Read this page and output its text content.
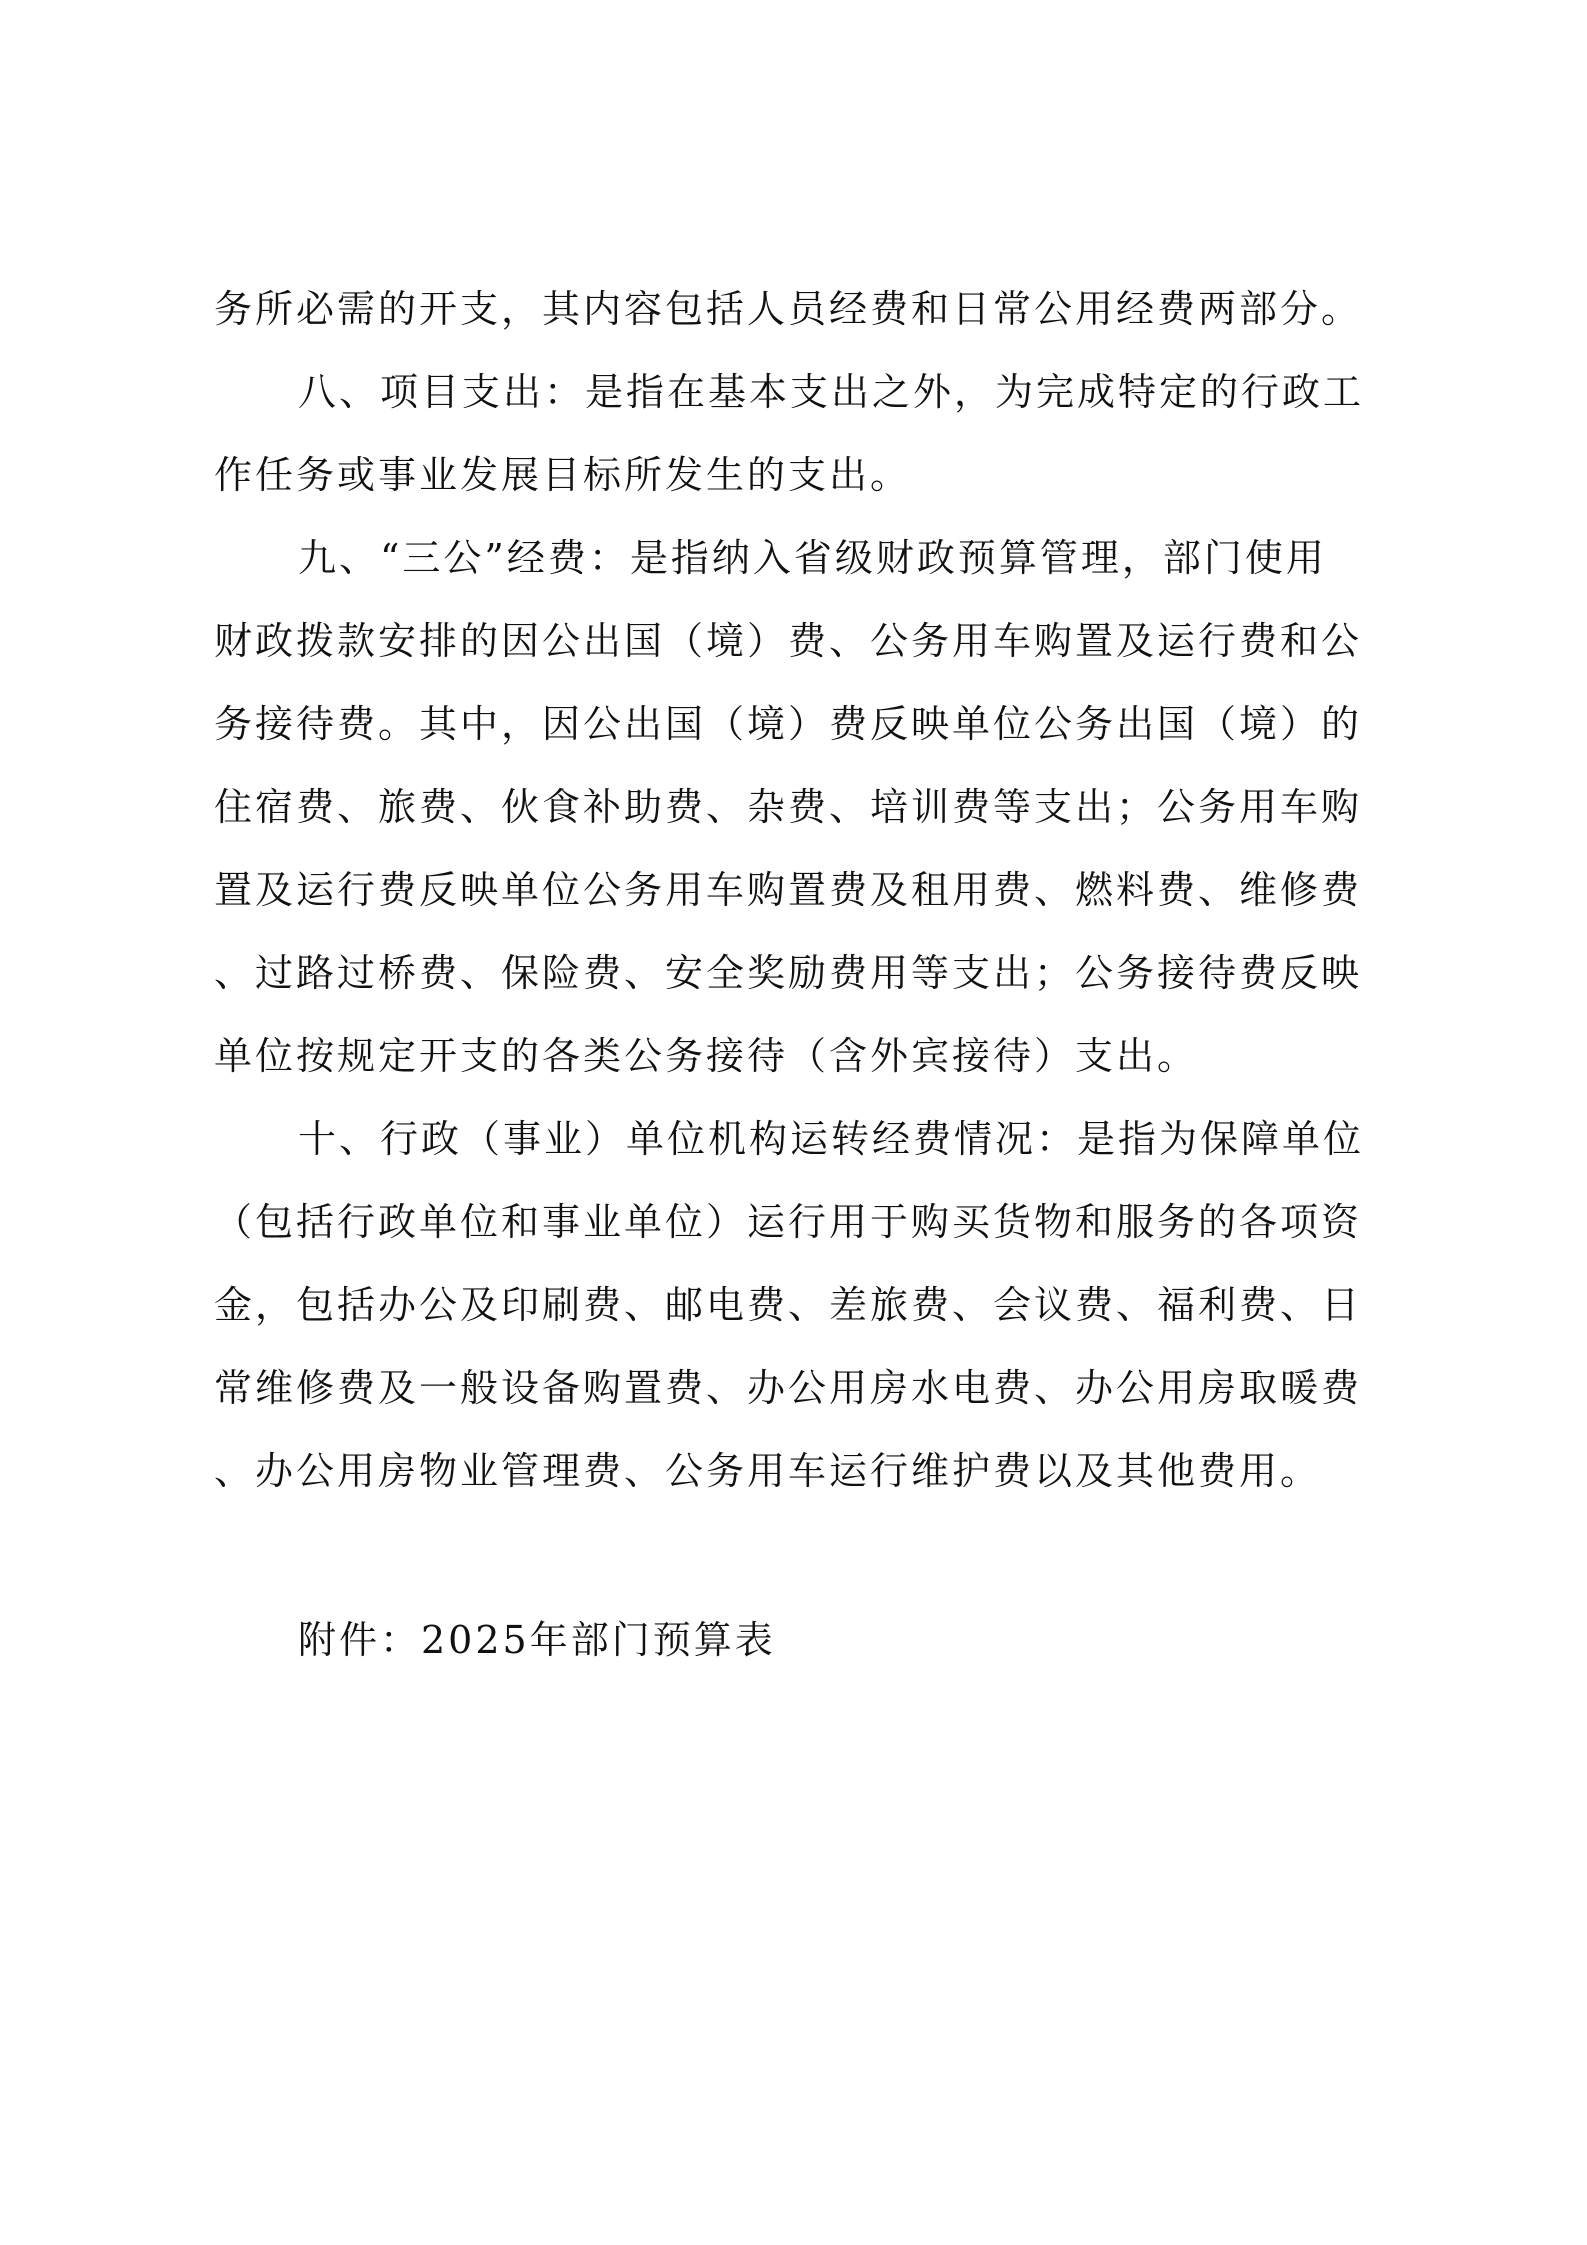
务所必需的开支，其内容包括人员经费和日常公用经费两部分。
八、项目支出：是指在基本支出之外，为完成特定的行政工
作任务或事业发展目标所发生的支出。
九、“三公”经费：是指纳入省级财政预算管理，部门使用
财政拨款安排的因公出国（境）费、公务用车购置及运行费和公
务接待费。其中，因公出国（境）费反映单位公务出国（境）的
住宿费、旅费、伙食补助费、杂费、培训费等支出；公务用车购
置及运行费反映单位公务用车购置费及租用费、燃料费、维修费
、过路过桥费、保险费、安全奖励费用等支出；公务接待费反映
单位按规定开支的各类公务接待（含外宾接待）支出。
十、行政（事业）单位机构运转经费情况：是指为保障单位
（包括行政单位和事业单位）运行用于购买货物和服务的各项资
金，包括办公及印刷费、邮电费、差旅费、会议费、福利费、日
常维修费及一般设备购置费、办公用房水电费、办公用房取暖费
、办公用房物业管理费、公务用车运行维护费以及其他费用。
附件：2025年部门预算表
